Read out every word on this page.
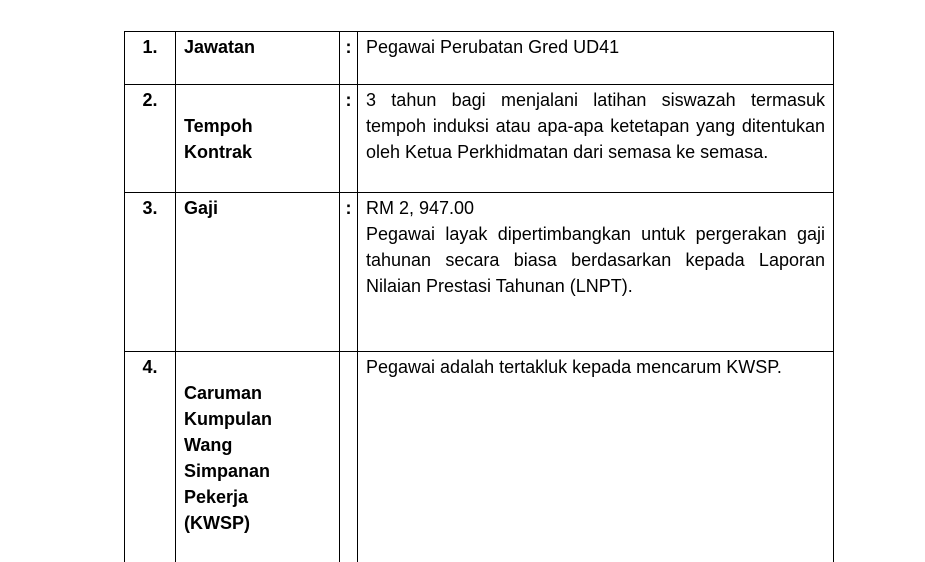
1.	Jawatan	:	Pegawai Perubatan Gred UD41

2.	Tempoh Kontrak	:	3 tahun bagi menjalani latihan siswazah termasuk tempoh induksi atau apa-apa ketetapan yang ditentukan oleh Ketua Perkhidmatan dari semasa ke semasa.

3.	Gaji	:	RM 2, 947.00

Pegawai layak dipertimbangkan untuk pergerakan gaji tahunan secara biasa berdasarkan kepada Laporan Nilaian Prestasi Tahunan (LNPT).

4.	Caruman Kumpulan Wang Simpanan Pekerja (KWSP)		Pegawai adalah tertakluk kepada mencarum KWSP.
